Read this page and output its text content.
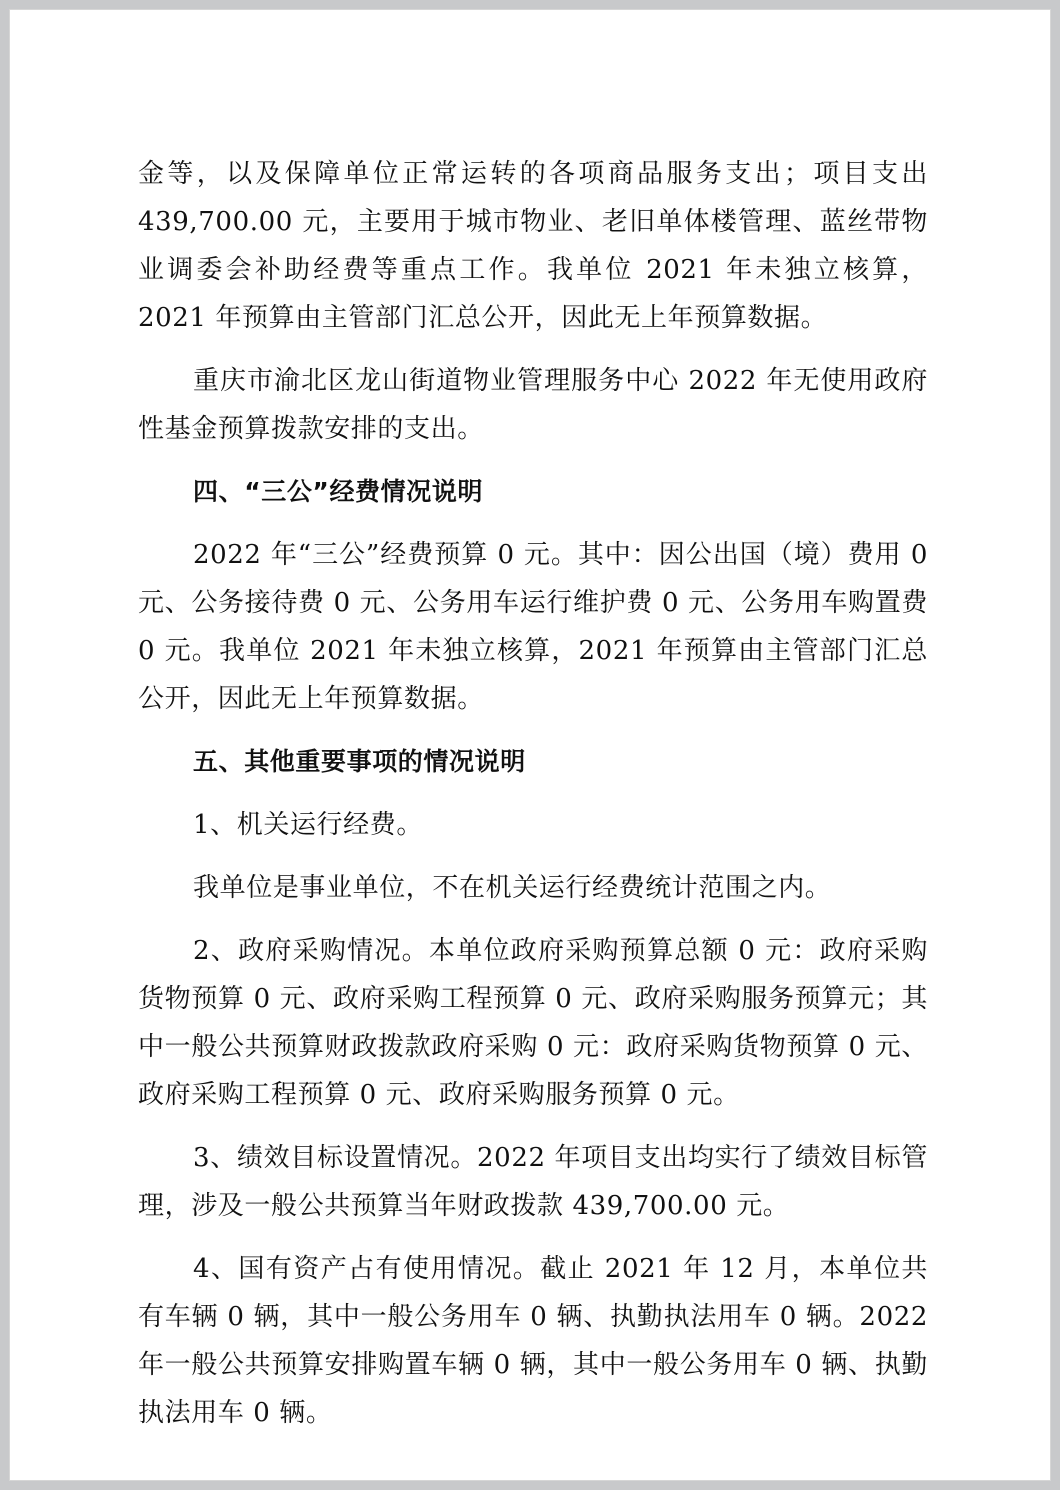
金等，以及保障单位正常运转的各项商品服务支出；项目支出 439,700.00 元，主要用于城市物业、老旧单体楼管理、蓝丝带物业调委会补助经费等重点工作。我单位 2021 年未独立核算，2021 年预算由主管部门汇总公开，因此无上年预算数据。

重庆市渝北区龙山街道物业管理服务中心 2022 年无使用政府性基金预算拨款安排的支出。

四、“三公”经费情况说明

2022 年“三公”经费预算 0 元。其中：因公出国（境）费用 0 元、公务接待费 0 元、公务用车运行维护费 0 元、公务用车购置费 0 元。我单位 2021 年未独立核算，2021 年预算由主管部门汇总公开，因此无上年预算数据。

五、其他重要事项的情况说明

1、机关运行经费。

我单位是事业单位，不在机关运行经费统计范围之内。

2、政府采购情况。本单位政府采购预算总额 0 元：政府采购货物预算 0 元、政府采购工程预算 0 元、政府采购服务预算元；其中一般公共预算财政拨款政府采购 0 元：政府采购货物预算 0 元、政府采购工程预算 0 元、政府采购服务预算 0 元。

3、绩效目标设置情况。2022 年项目支出均实行了绩效目标管理，涉及一般公共预算当年财政拨款 439,700.00 元。

4、国有资产占有使用情况。截止 2021 年 12 月，本单位共有车辆 0 辆，其中一般公务用车 0 辆、执勤执法用车 0 辆。2022 年一般公共预算安排购置车辆 0 辆，其中一般公务用车 0 辆、执勤执法用车 0 辆。
